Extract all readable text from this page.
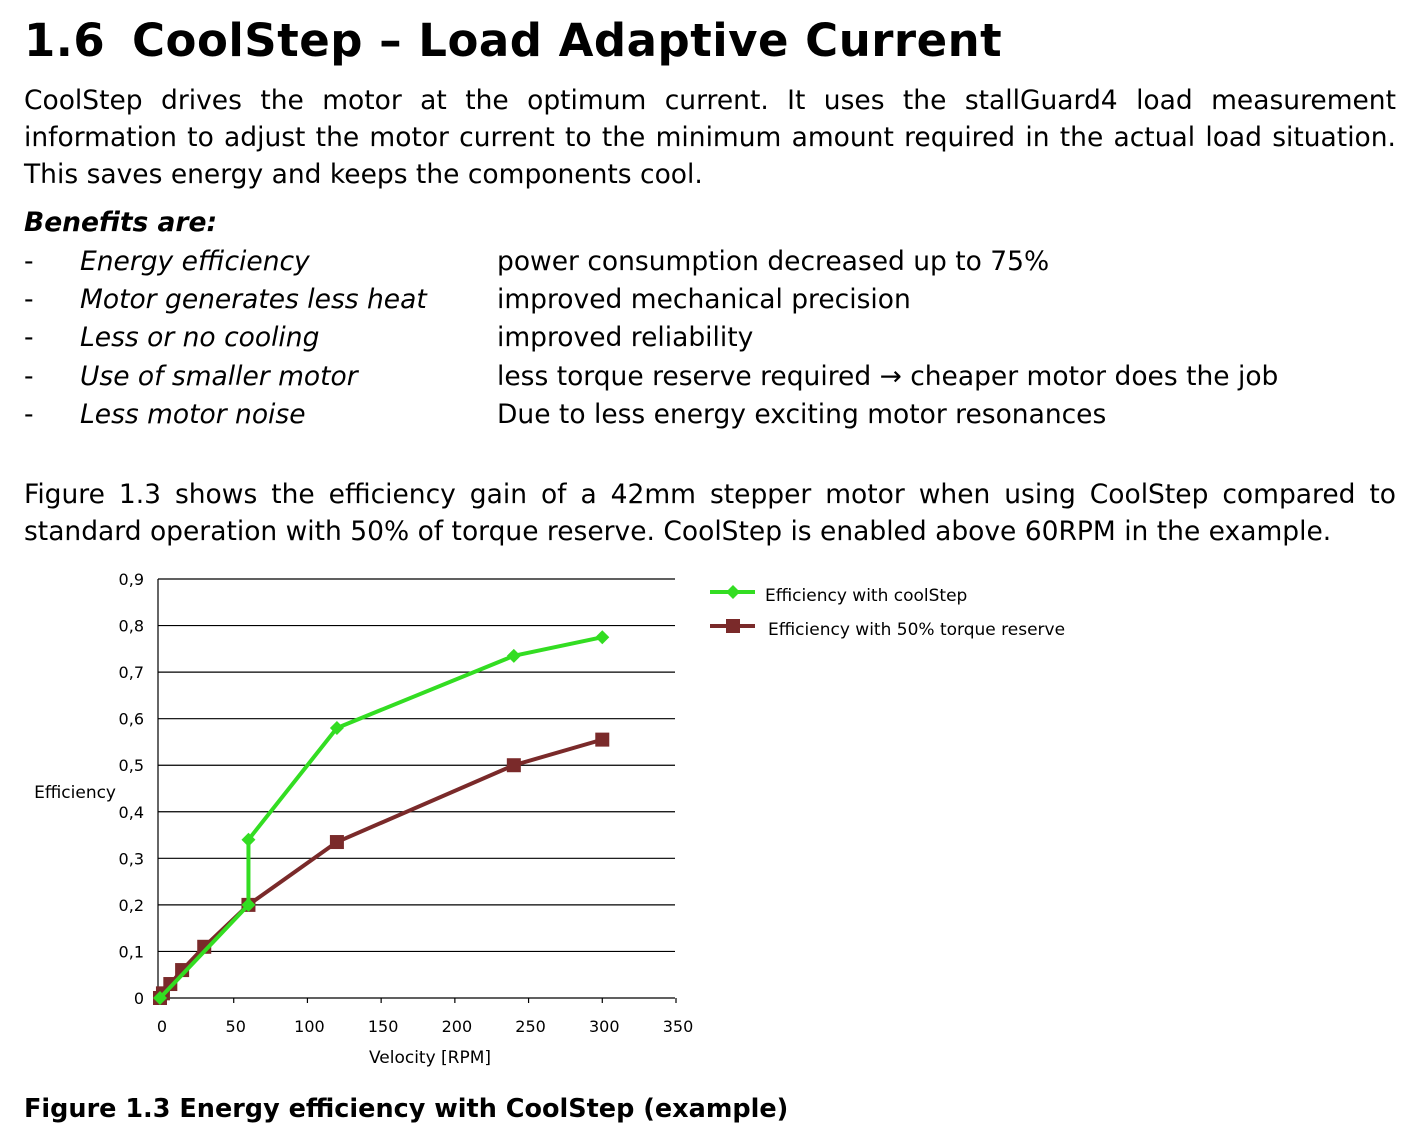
1.6 CoolStep – Load Adaptive Current
CoolStep drives the motor at the optimum current. It uses the stallGuard4 load measurement
information to adjust the motor current to the minimum amount required in the actual load situation.
This saves energy and keeps the components cool.
Benefits are:
- Energy efficiency	power consumption decreased up to 75%
- Motor generates less heat	improved mechanical precision
- Less or no cooling	improved reliability
- Use of smaller motor	less torque reserve required → cheaper motor does the job
- Less motor noise	Due to less energy exciting motor resonances
Figure 1.3 shows the efficiency gain of a 42mm stepper motor when using CoolStep compared to
standard operation with 50% of torque reserve. CoolStep is enabled above 60RPM in the example.
0
0,1
0,2
0,3
0,4
0,5
0,6
0,7
0,8
0,9
0	50	100	150	200	250	300	350
Efficiency
Velocity [RPM]
Efficiency with coolStep
Efficiency with 50% torque reserve
Figure 1.3 Energy efficiency with CoolStep (example)
